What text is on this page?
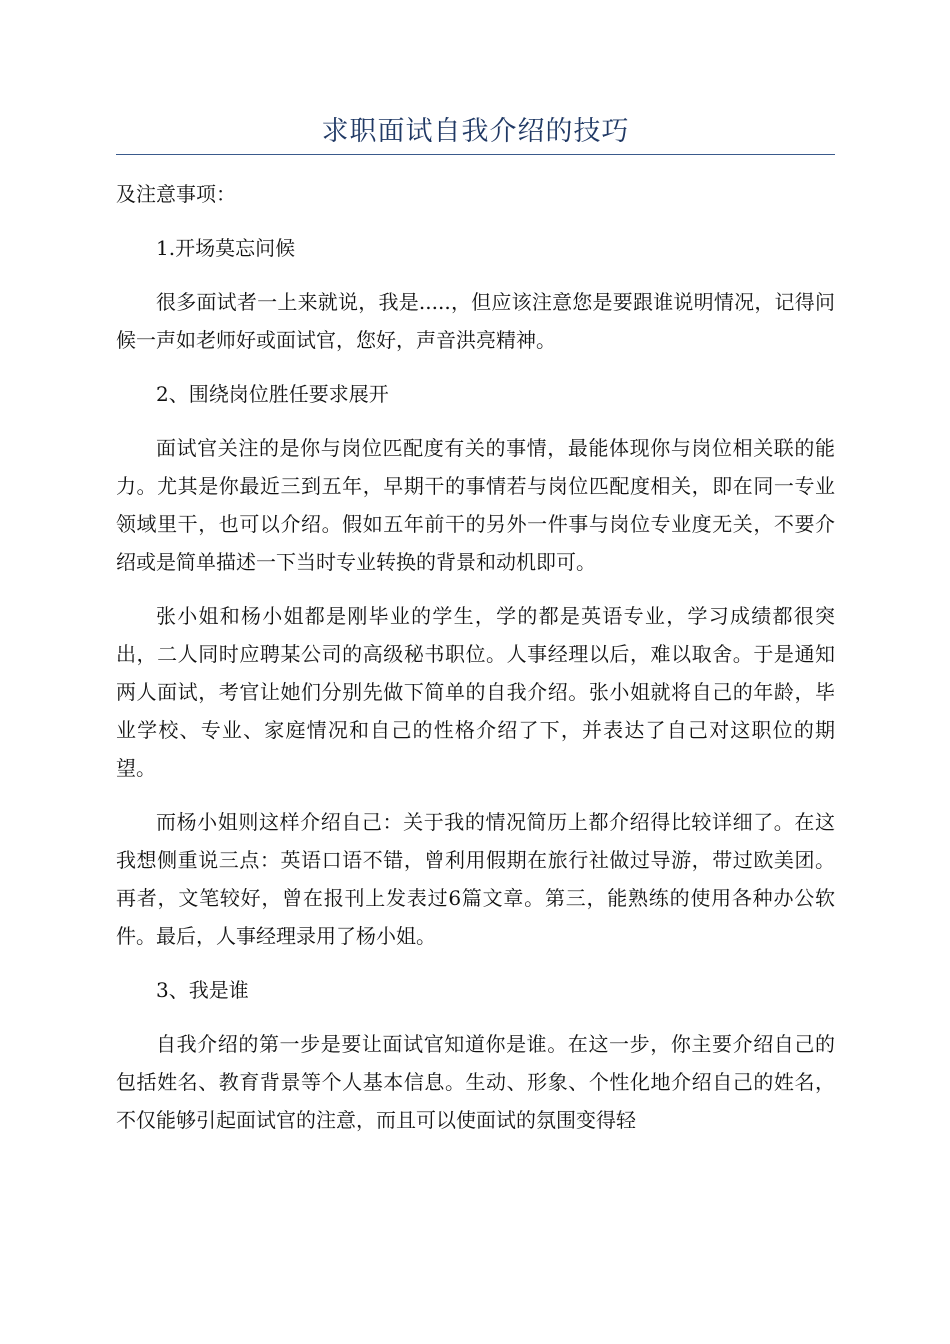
求职面试自我介绍的技巧

及注意事项：

1.开场莫忘问候

很多面试者一上来就说，我是.....，但应该注意您是要跟谁说明情况，记得问候一声如老师好或面试官，您好，声音洪亮精神。

2、围绕岗位胜任要求展开

面试官关注的是你与岗位匹配度有关的事情，最能体现你与岗位相关联的能力。尤其是你最近三到五年，早期干的事情若与岗位匹配度相关，即在同一专业领域里干，也可以介绍。假如五年前干的另外一件事与岗位专业度无关，不要介绍或是简单描述一下当时专业转换的背景和动机即可。

张小姐和杨小姐都是刚毕业的学生，学的都是英语专业，学习成绩都很突出，二人同时应聘某公司的高级秘书职位。人事经理以后，难以取舍。于是通知两人面试，考官让她们分别先做下简单的自我介绍。张小姐就将自己的年龄，毕业学校、专业、家庭情况和自己的性格介绍了下，并表达了自己对这职位的期望。

而杨小姐则这样介绍自己：关于我的情况简历上都介绍得比较详细了。在这我想侧重说三点：英语口语不错，曾利用假期在旅行社做过导游，带过欧美团。再者，文笔较好，曾在报刊上发表过6篇文章。第三，能熟练的使用各种办公软件。最后，人事经理录用了杨小姐。

3、我是谁

自我介绍的第一步是要让面试官知道你是谁。在这一步，你主要介绍自己的包括姓名、教育背景等个人基本信息。生动、形象、个性化地介绍自己的姓名，不仅能够引起面试官的注意，而且可以使面试的氛围变得轻
